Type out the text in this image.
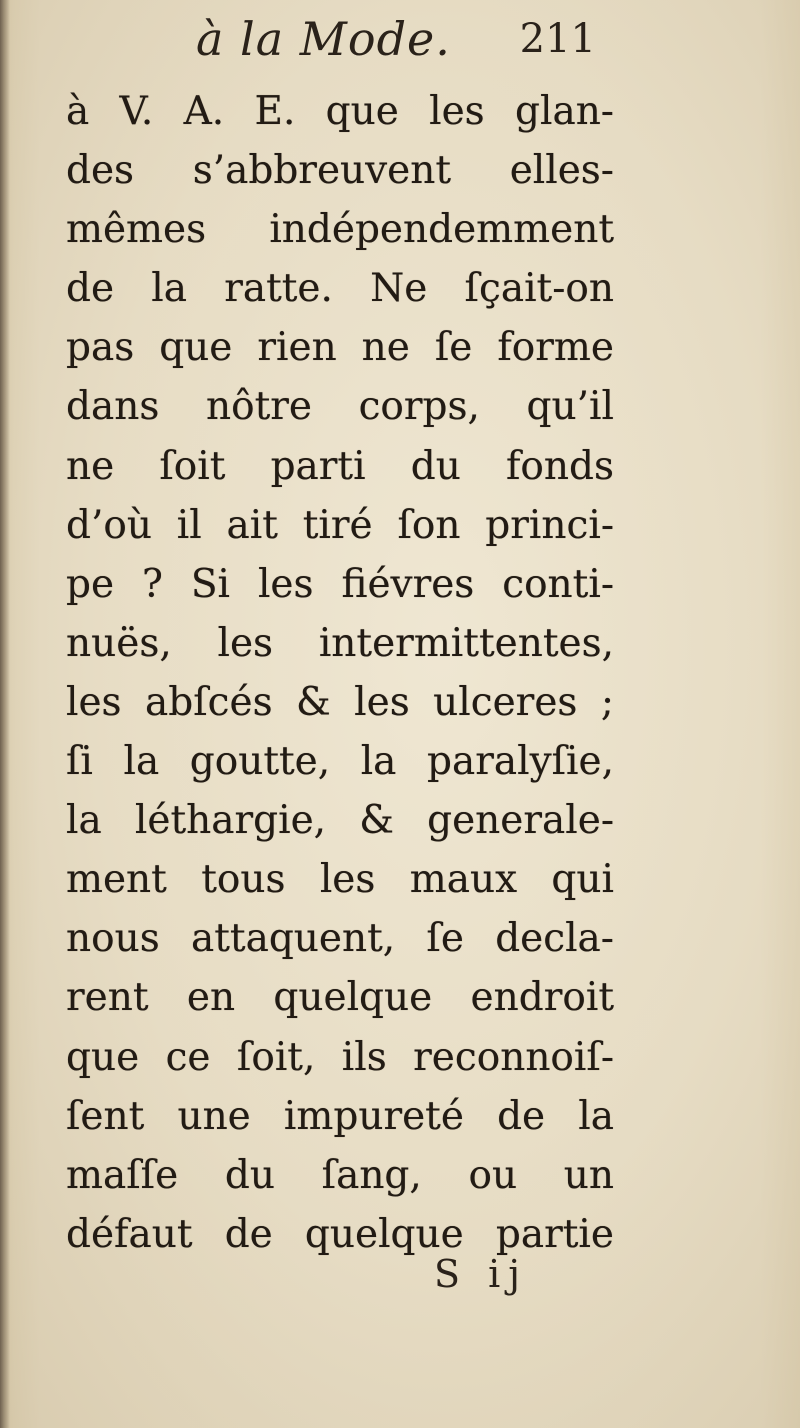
à la Mode. 211
à V. A. E. que les glan-
des s’abbreuvent elles-
mêmes indépendemment
de la ratte. Ne ſçait-on
pas que rien ne ſe forme
dans nôtre corps, qu’il
ne ſoit parti du fonds
d’où il ait tiré ſon princi-
pe ? Si les fiévres conti-
nuës, les intermittentes,
les abſcés & les ulceres ;
ſi la goutte, la paralyſie,
la léthargie, & generale-
ment tous les maux qui
nous attaquent, ſe decla-
rent en quelque endroit
que ce ſoit, ils reconnoiſ-
ſent une impureté de la
maſſe du ſang, ou un
défaut de quelque partie
S ij
